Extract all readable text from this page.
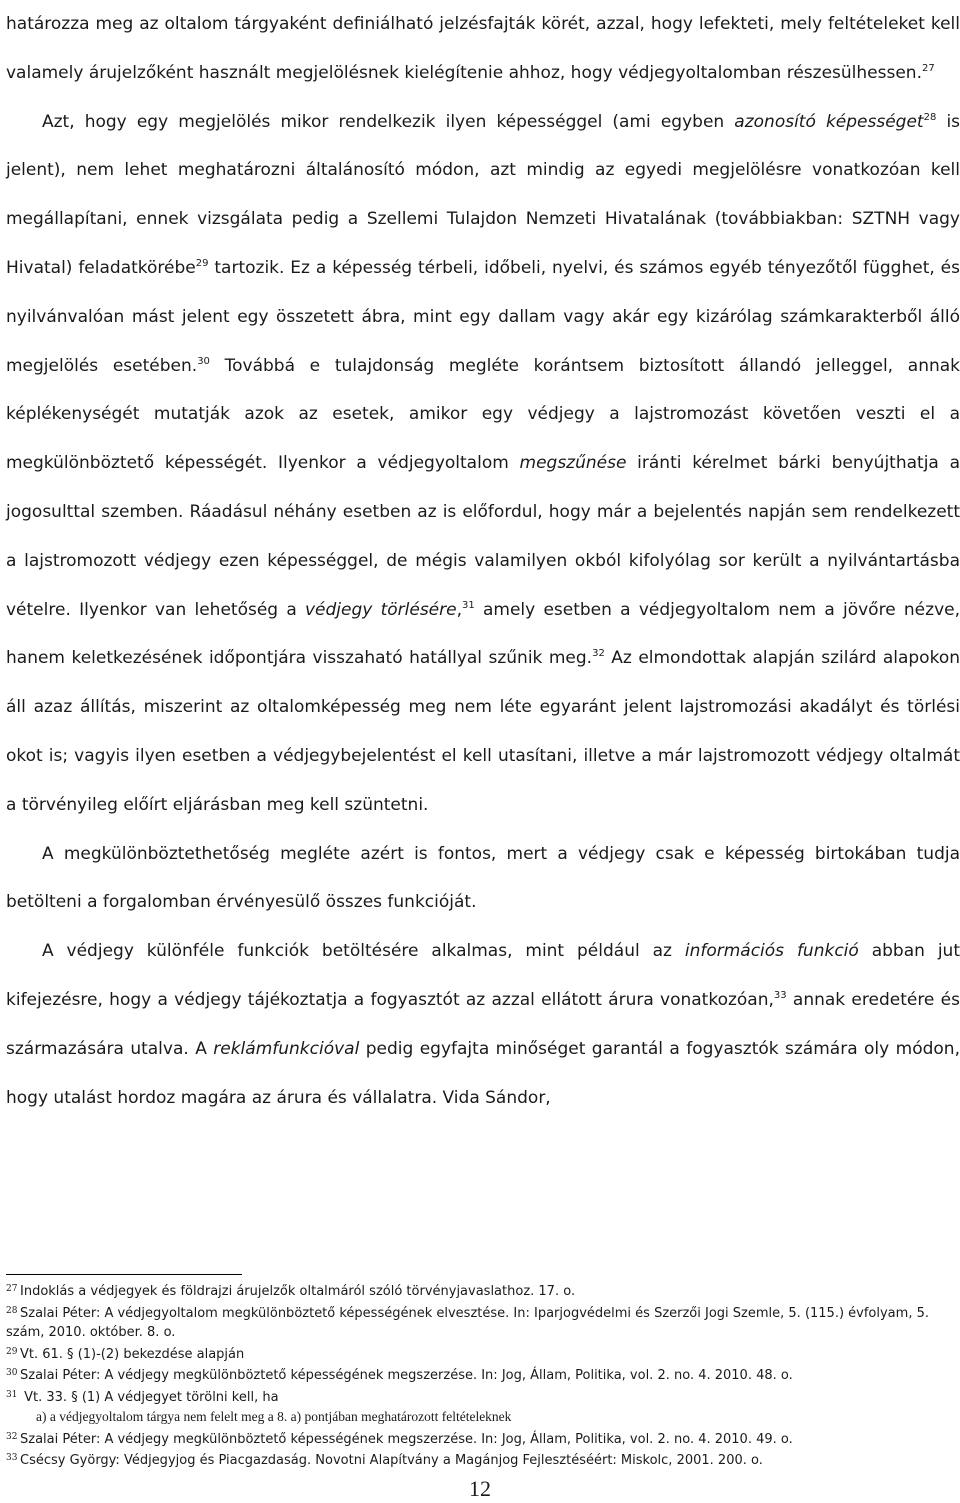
határozza meg az oltalom tárgyaként definiálható jelzésfajták körét, azzal, hogy lefekteti, mely feltételeket kell valamely árujelzőként használt megjelölésnek kielégítenie ahhoz, hogy védjegyoltalomban részesülhessen.$^{27}$

Azt, hogy egy megjelölés mikor rendelkezik ilyen képességgel (ami egyben azonosító képességet$^{28}$ is jelent), nem lehet meghatározni általánosító módon, azt mindig az egyedi megjelölésre vonatkozóan kell megállapítani, ennek vizsgálata pedig a Szellemi Tulajdon Nemzeti Hivatalának (továbbiakban: SZTNH vagy Hivatal) feladatkörébe$^{29}$ tartozik. Ez a képesség térbeli, időbeli, nyelvi, és számos egyéb tényezőtől függhet, és nyilvánvalóan mást jelent egy összetett ábra, mint egy dallam vagy akár egy kizárólag számkarakterből álló megjelölés esetében.$^{30}$ Továbbá e tulajdonság megléte korántsem biztosított állandó jelleggel, annak képlékenységét mutatják azok az esetek, amikor egy védjegy a lajstromozást követően veszti el a megkülönböztető képességét. Ilyenkor a védjegyoltalom megszűnése iránti kérelmet bárki benyújthatja a jogosulttal szemben. Ráadásul néhány esetben az is előfordul, hogy már a bejelentés napján sem rendelkezett a lajstromozott védjegy ezen képességgel, de mégis valamilyen okból kifolyólag sor került a nyilvántartásba vételre. Ilyenkor van lehetőség a védjegy törlésére,$^{31}$ amely esetben a védjegyoltalom nem a jövőre nézve, hanem keletkezésének időpontjára visszaható hatállyal szűnik meg.$^{32}$ Az elmondottak alapján szilárd alapokon áll azaz állítás, miszerint az oltalomképesség meg nem léte egyaránt jelent lajstromozási akadályt és törlési okot is; vagyis ilyen esetben a védjegybejelentést el kell utasítani, illetve a már lajstromozott védjegy oltalmát a törvényileg előírt eljárásban meg kell szüntetni.

A megkülönböztethetőség megléte azért is fontos, mert a védjegy csak e képesség birtokában tudja betölteni a forgalomban érvényesülő összes funkcióját.

A védjegy különféle funkciók betöltésére alkalmas, mint például az információs funkció abban jut kifejezésre, hogy a védjegy tájékoztatja a fogyasztót az azzal ellátott árura vonatkozóan,$^{33}$ annak eredetére és származására utalva. A reklámfunkcióval pedig egyfajta minőséget garantál a fogyasztók számára oly módon, hogy utalást hordoz magára az árura és vállalatra. Vida Sándor,

27 Indoklás a védjegyek és földrajzi árujelzők oltalmáról szóló törvényjavaslathoz. 17. o.

28 Szalai Péter: A védjegyoltalom megkülönböztető képességének elvesztése. In: Iparjogvédelmi és Szerzői Jogi Szemle, 5. (115.) évfolyam, 5. szám, 2010. október. 8. o.

29 Vt. 61. § (1)-(2) bekezdése alapján

30 Szalai Péter: A védjegy megkülönböztető képességének megszerzése. In: Jog, Állam, Politika, vol. 2. no. 4. 2010. 48. o.

31 Vt. 33. § (1) A védjegyet törölni kell, ha

a) a védjegyoltalom tárgya nem felelt meg a 8. a) pontjában meghatározott feltételeknek

32 Szalai Péter: A védjegy megkülönböztető képességének megszerzése. In: Jog, Állam, Politika, vol. 2. no. 4. 2010. 49. o.

33 Csécsy György: Védjegyjog és Piacgazdaság. Novotni Alapítvány a Magánjog Fejlesztéséért: Miskolc, 2001. 200. o.

12
